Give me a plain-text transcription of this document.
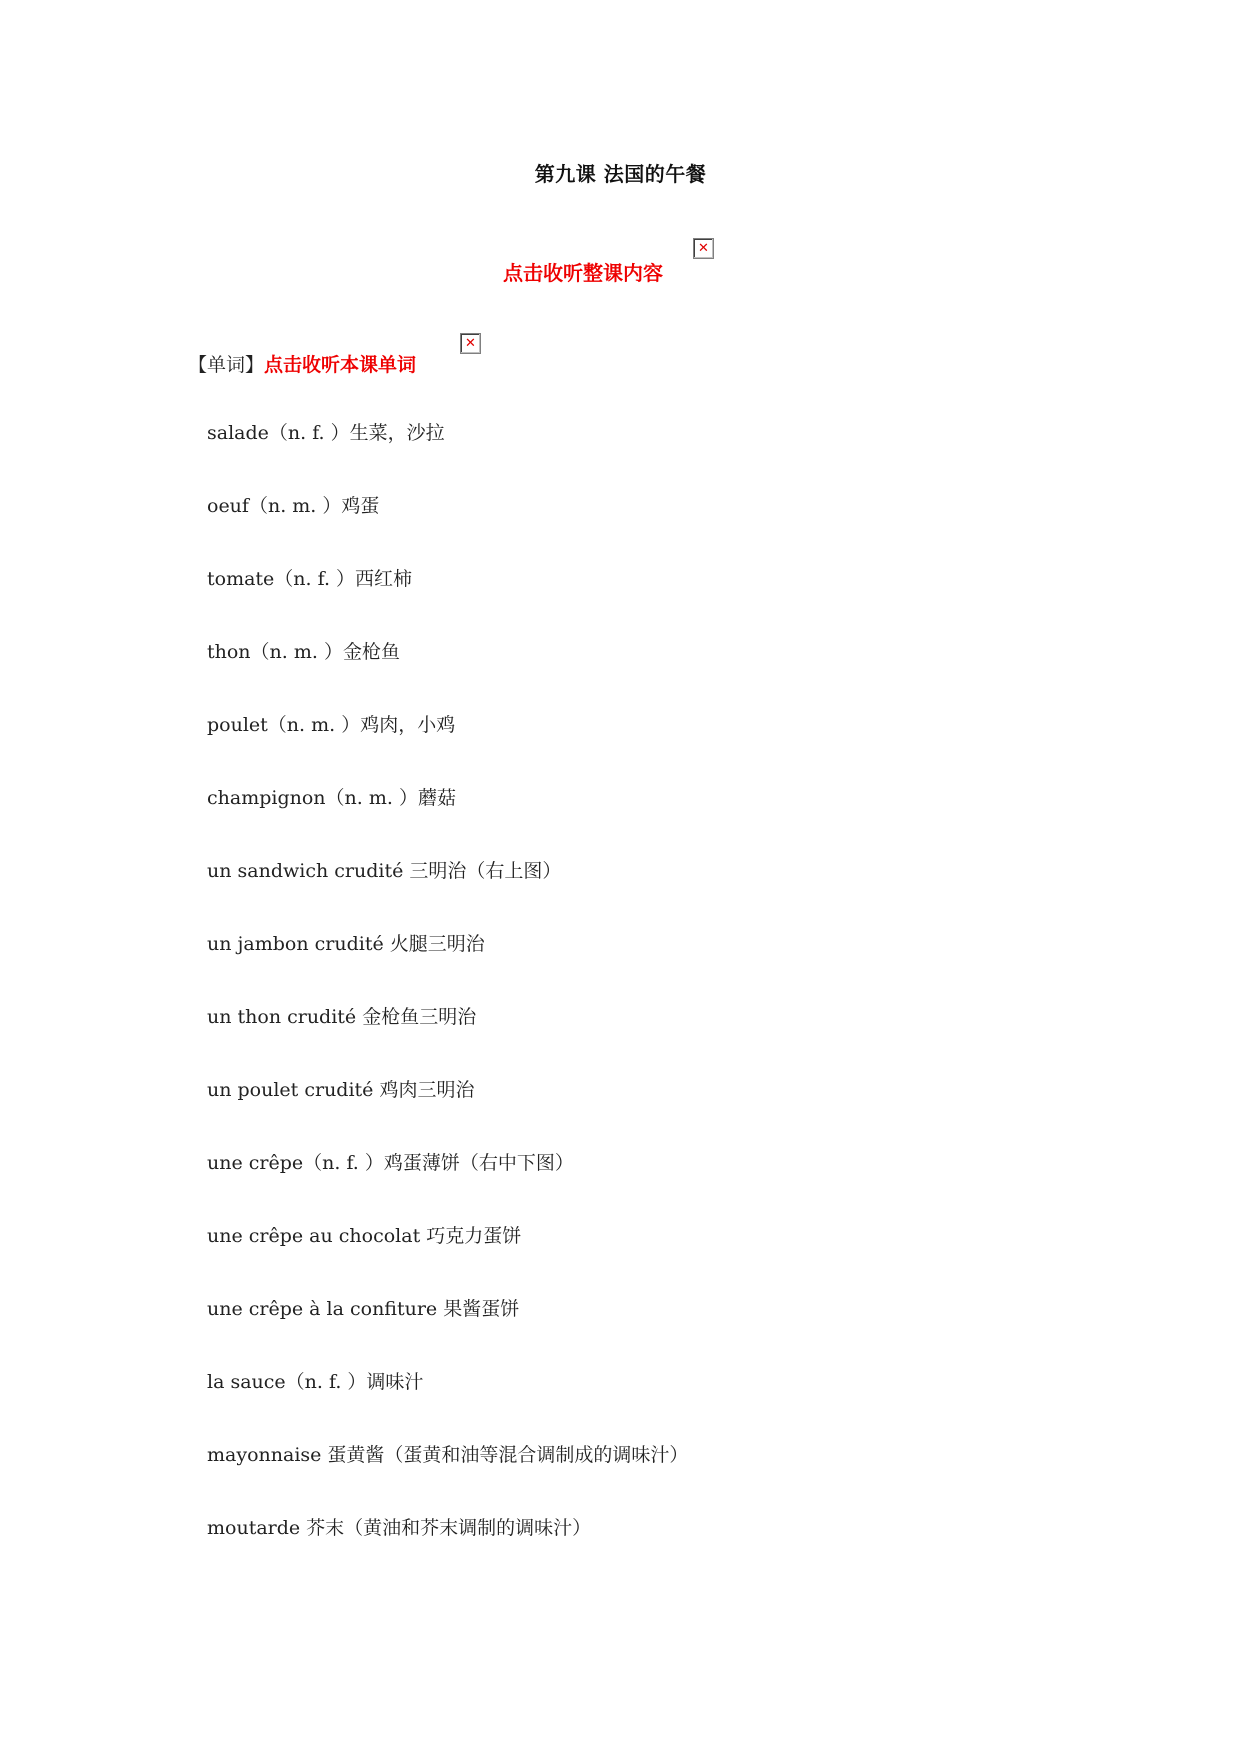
第九课 法国的午餐
点击收听整课内容
✕
【单词】点击收听本课单词
✕
salade（n. f. ）生菜，沙拉
oeuf（n. m. ）鸡蛋
tomate（n. f. ）西红柿
thon（n. m. ）金枪鱼
poulet（n. m. ）鸡肉，小鸡
champignon（n. m. ）蘑菇
un sandwich crudité 三明治（右上图）
un jambon crudité 火腿三明治
un thon crudité 金枪鱼三明治
un poulet crudité 鸡肉三明治
une crêpe（n. f. ）鸡蛋薄饼（右中下图）
une crêpe au chocolat 巧克力蛋饼
une crêpe à la confiture 果酱蛋饼
la sauce（n. f. ）调味汁
mayonnaise 蛋黄酱（蛋黄和油等混合调制成的调味汁）
moutarde 芥末（黄油和芥末调制的调味汁）
